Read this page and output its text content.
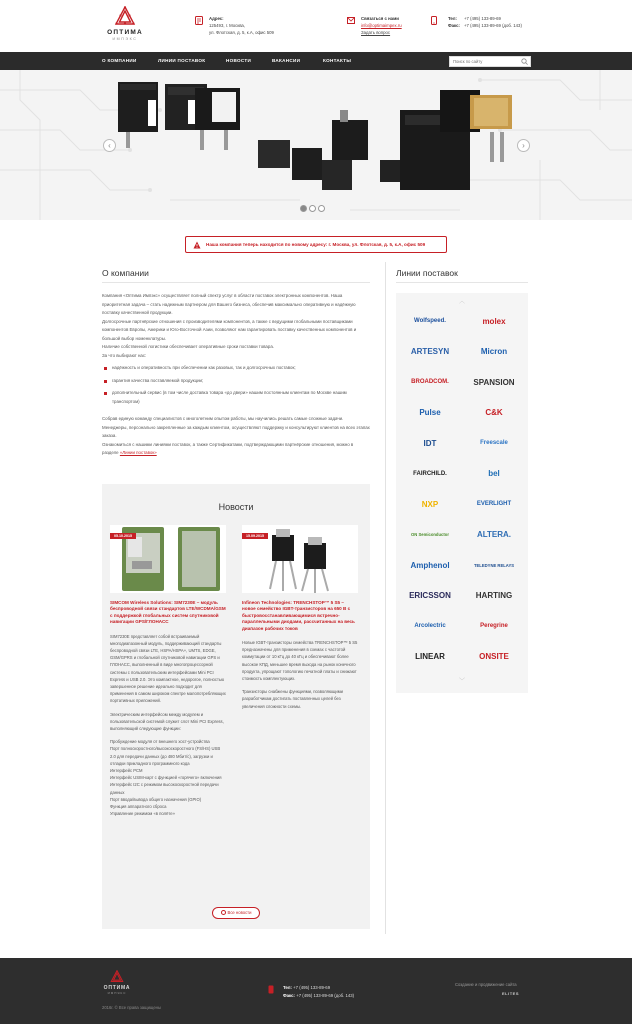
ОПТИМА
ИМПЭКС
Адрес:
125493, г. Москва,
ул. Флотская, д. 5, к.А, офис 509
Связаться с нами
info@optimaimpex.ru
Задать вопрос
Тел:	+7 (495) 133-89-69
Факс: +7 (495) 133-89-69 (доб. 143)
О КОМПАНИИ	ЛИНИИ ПОСТАВОК	НОВОСТИ	ВАКАНСИИ	КОНТАКТЫ
Поиск по сайту
‹	›
Наша компания теперь находится по новому адресу: г. Москва, ул. Флотская, д. 5, к.А, офис 509
О компании

Компания «Оптима Импэкс» осуществляет полный спектр услуг в области поставок электронных компонентов. Наша приоритетная задача – стать надежным партнером для Вашего бизнеса, обеспечив максимально оперативную и надёжную поставку качественной продукции.

Долгосрочные партнёрские отношения с производителями компонентов, а также с ведущими глобальными поставщиками компонентов Европы, Америки и Юго-Восточной Азии, позволяют нам гарантировать поставку качественных компонентов и большой выбор номенклатуры.

Наличие собственной логистики обеспечивает оперативные сроки поставки товара.

За что выбирают нас:

надёжность и оперативность при обеспечении как разовых, так и долгосрочных поставок;
гарантия качества поставляемой продукции;
дополнительный сервис (в том числе доставка товара «до двери» нашим постоянным клиентам по Москве нашим транспортом)

Собрав единую команду специалистов с многолетним опытом работы, мы научились решать самые сложные задачи. Менеджеры, персонально закрепленные за каждым клиентом, осуществляют поддержку и консультируют клиентов на всех этапах заказа.

Ознакомиться с нашими линиями поставок, а также Сертификатами, подтверждающими партнёрские отношения, можно в разделе «Линии поставок»

Новости
05.10.2015
SIMCOM Wireless Solutions: SIM7230E – модуль беспроводной связи стандартов LTE/WCDMA/GSM с поддержкой глобальных систем спутниковой навигации GPS/ГЛОНАСС

SIM7230E представляет собой встраиваемый многодиапазонный модуль, поддерживающий стандарты беспроводной связи LTE, HSPA/HSPA+, UMTS, EDGE, GSM/GPRS и глобальной спутниковой навигации GPS и ГЛОНАСС, выполненный в виде многопроцессорной системы с пользовательским интерфейсами Mini PCI Express и USB 2.0. Это компактное, недорогое, полностью завершенное решение идеально подходит для применения в самом широком спектре малопотребляющих портативных приложений.

Электрическим интерфейсом между модулем и пользовательской системой служит слот Mini PCI Express, выполняющий следующие функции:

Пробуждение модуля от внешнего хост-устройства
Порт полноскоростного/высокоскоростного (FS/HS) USB 2.0 для передачи данных (до 480 Мбит/с), загрузки и отладки прикладного программного кода
Интерфейс PCM
Интерфейс USIM-карт с функцией «горячего» включения
Интерфейс I2C с режимом высокоскоростной передачи данных
Порт ввода/вывода общего назначения (GPIO)
Функция аппаратного сброса
Управление режимом «в полёте»

15.09.2015
Infineon Technologies: TRENCHSTOP™ 5 S5 – новое семейство IGBT-транзисторов на 650 В с быстровосстанавливающимися встречно-параллельными диодами, рассчитанных на весь диапазон рабочих токов

Новые IGBT-транзисторы семейства TRENCHSTOP™ 5 S5 предназначены для применения в схемах с частотой коммутации от 10 кГц до 40 кГц и обеспечивают более высокое КПД, меньшее время выхода на рынок конечного продукта, упрощают топологию печатной платы и снижают стоимость комплектующих.

Транзисторы снабжены функциями, позволяющими разработчикам достигать поставленных целей без увеличения сложности схемы.

Все новости
Линии поставок
︿
Wolfspeed.	molex
ARTESYN	Micron
BROADCOM.	SPANSION
Pulse	C&K
IDT	Freescale
FAIRCHILD.	bel
NXP	EVERLIGHT
ON Semiconductor	ALTERA.
Amphenol	TELEDYNE RELAYS
ERICSSON	HARTING
Arcolectric	Peregrine
LINEAR	ONSITE
﹀
ОПТИМА
ИМПЭКС
2016г. © Все права защищены
Тел: +7 (495) 133-89-69
Факс: +7 (495) 133-89-69 (доб. 143)
Создание и продвижение сайта
ELITES
